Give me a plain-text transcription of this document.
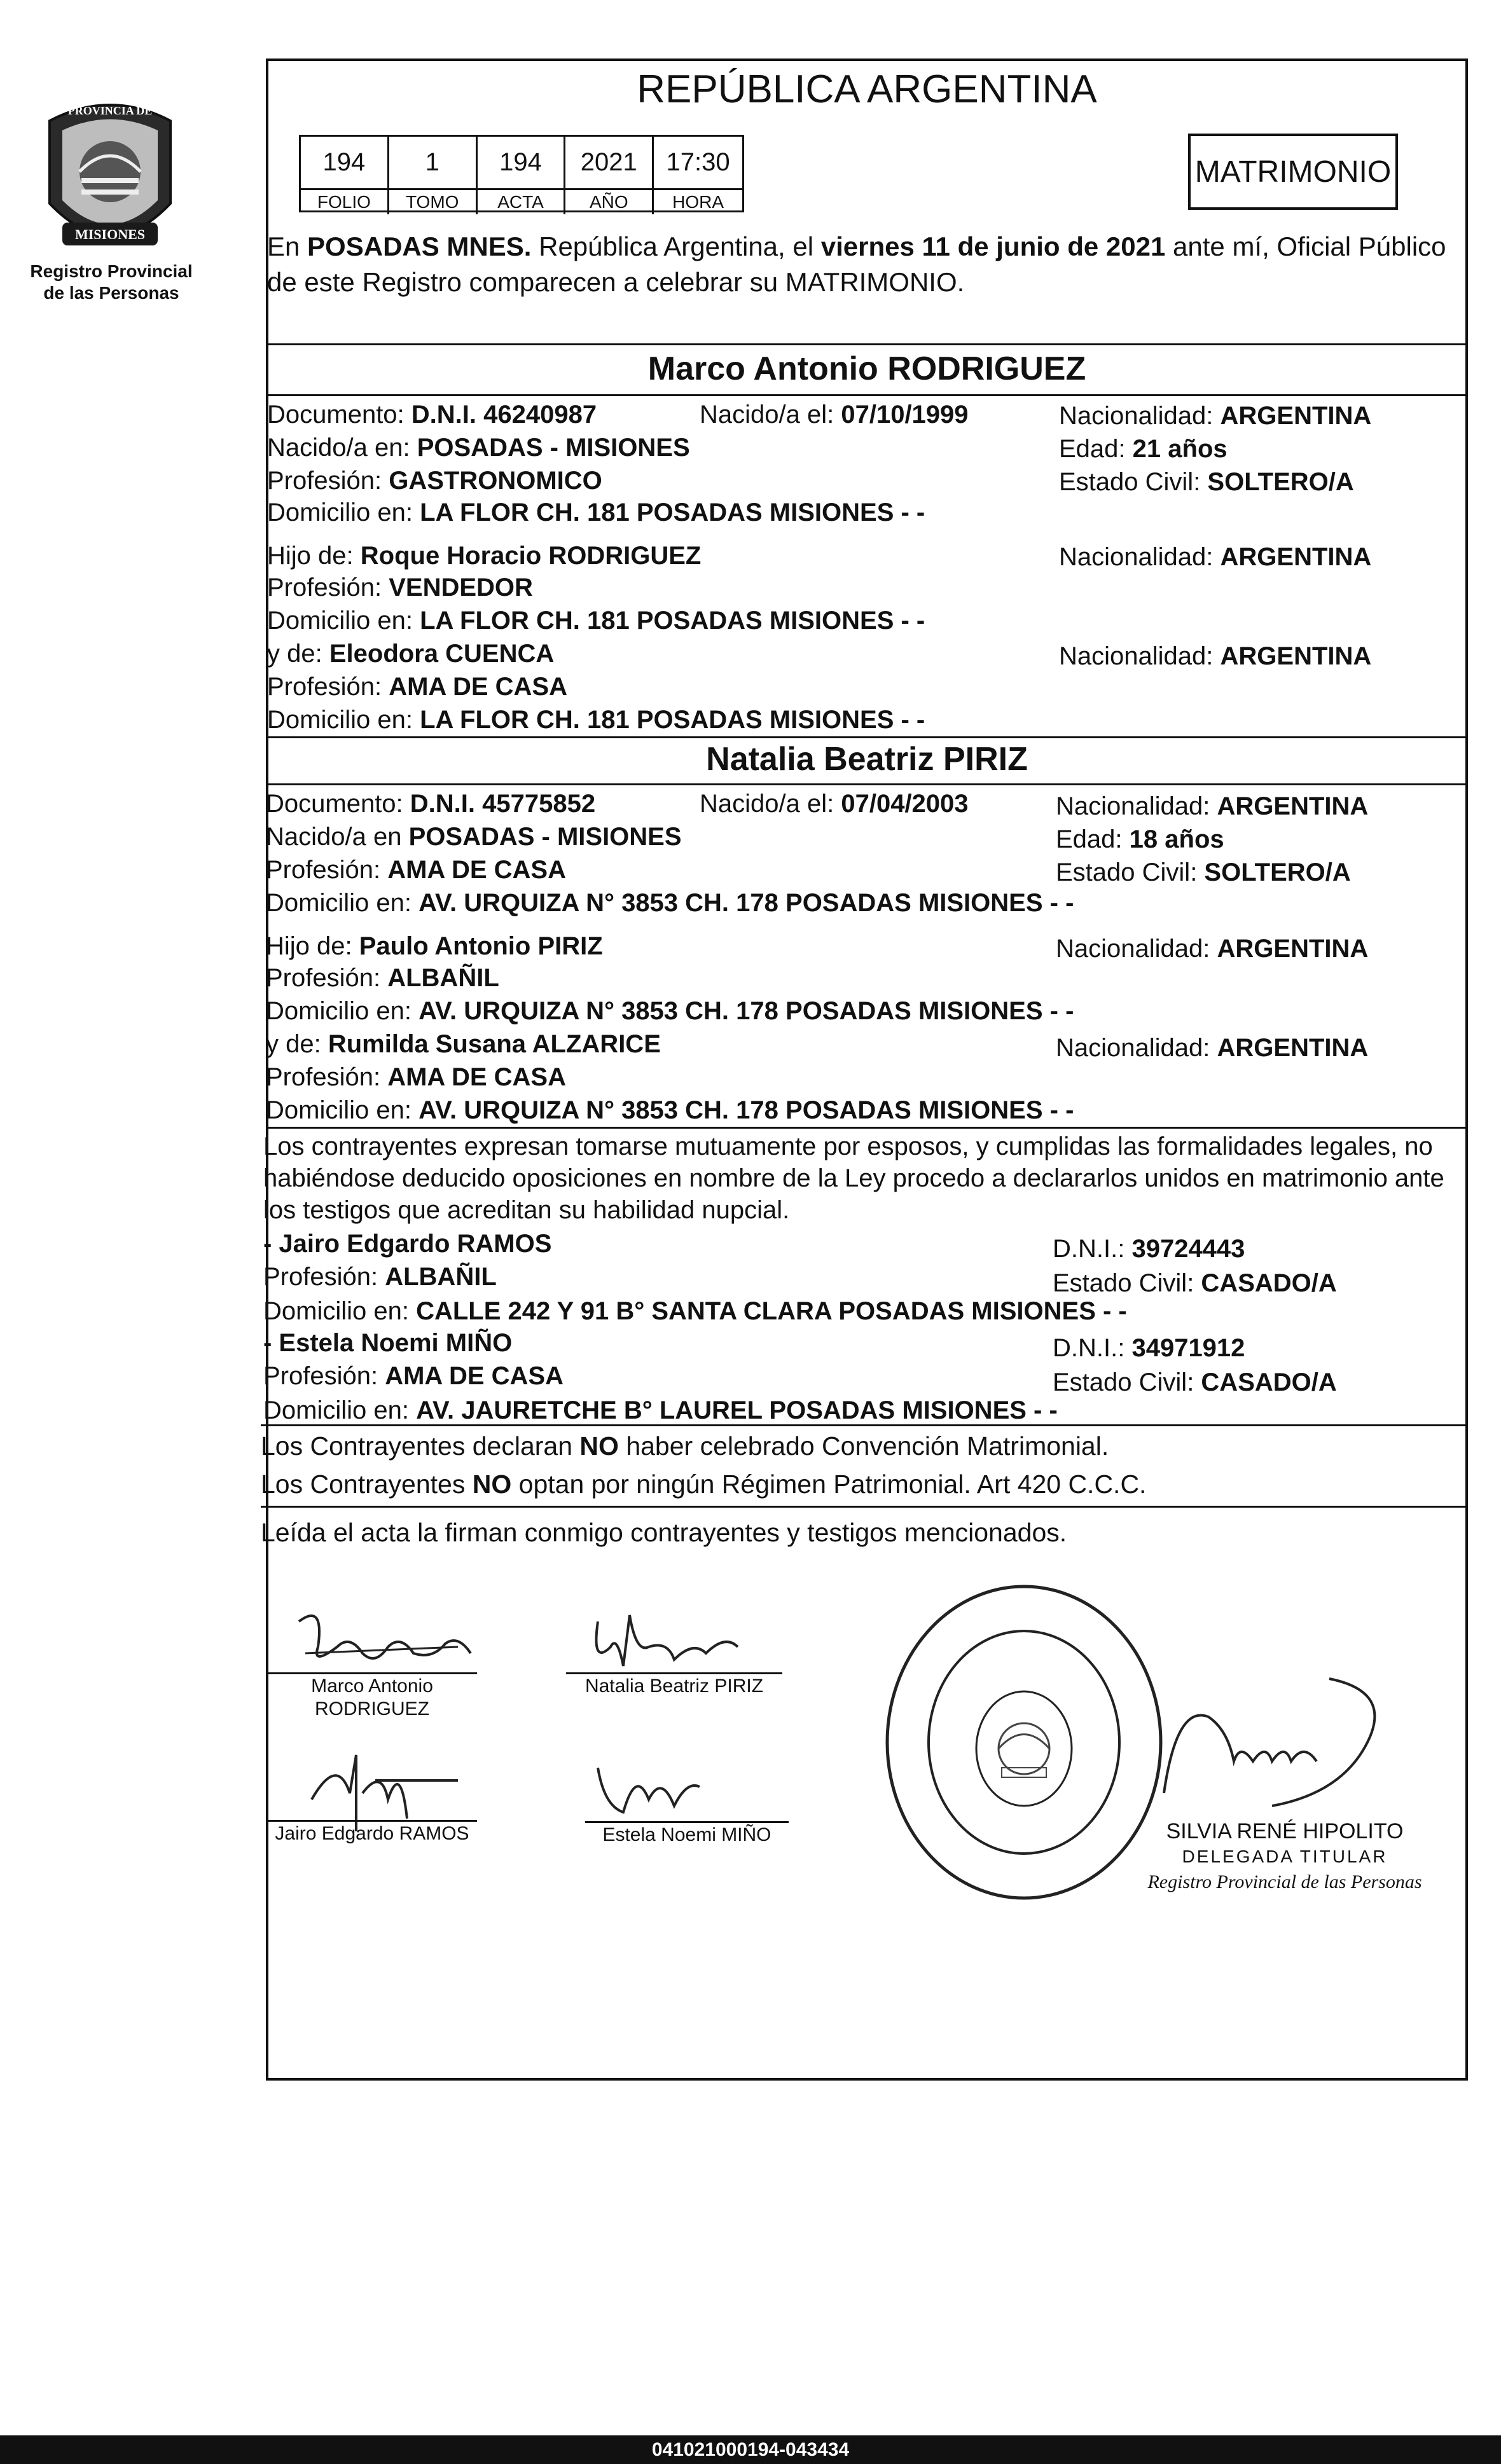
MISIONES
PROVINCIA DE
Registro Provincial
de las Personas
REPÚBLICA ARGENTINA
194	1	194	2021	17:30
FOLIO	TOMO	ACTA	AÑO	HORA
MATRIMONIO
En POSADAS MNES. República Argentina, el viernes 11 de junio de 2021 ante mí, Oficial Público de este Registro comparecen a celebrar su MATRIMONIO.
Marco Antonio RODRIGUEZ
Documento: D.N.I. 46240987	Nacido/a el: 07/10/1999	Nacionalidad: ARGENTINA
Nacido/a en: POSADAS - MISIONES	Edad: 21 años
Profesión: GASTRONOMICO	Estado Civil: SOLTERO/A
Domicilio en: LA FLOR CH. 181 POSADAS MISIONES - -
Hijo de: Roque Horacio RODRIGUEZ	Nacionalidad: ARGENTINA
Profesión: VENDEDOR
Domicilio en: LA FLOR CH. 181 POSADAS MISIONES - -
y de: Eleodora CUENCA	Nacionalidad: ARGENTINA
Profesión: AMA DE CASA
Domicilio en: LA FLOR CH. 181 POSADAS MISIONES - -
Natalia Beatriz PIRIZ
Documento: D.N.I. 45775852	Nacido/a el: 07/04/2003	Nacionalidad: ARGENTINA
Nacido/a en POSADAS - MISIONES	Edad: 18 años
Profesión: AMA DE CASA	Estado Civil: SOLTERO/A
Domicilio en: AV. URQUIZA N° 3853 CH. 178 POSADAS MISIONES - -
Hijo de: Paulo Antonio PIRIZ	Nacionalidad: ARGENTINA
Profesión: ALBAÑIL
Domicilio en: AV. URQUIZA N° 3853 CH. 178 POSADAS MISIONES - -
y de: Rumilda Susana ALZARICE	Nacionalidad: ARGENTINA
Profesión: AMA DE CASA
Domicilio en: AV. URQUIZA N° 3853 CH. 178 POSADAS MISIONES - -
Los contrayentes expresan tomarse mutuamente por esposos, y cumplidas las formalidades legales, no habiéndose deducido oposiciones en nombre de la Ley procedo a declararlos unidos en matrimonio ante los testigos que acreditan su habilidad nupcial.
- Jairo Edgardo RAMOS	D.N.I.: 39724443
Profesión: ALBAÑIL	Estado Civil: CASADO/A
Domicilio en: CALLE 242 Y 91 B° SANTA CLARA POSADAS MISIONES - -
- Estela Noemi MIÑO	D.N.I.: 34971912
Profesión: AMA DE CASA	Estado Civil: CASADO/A
Domicilio en: AV. JAURETCHE B° LAUREL POSADAS MISIONES - -
Los Contrayentes declaran NO haber celebrado Convención Matrimonial.
Los Contrayentes NO optan por ningún Régimen Patrimonial. Art 420 C.C.C.
Leída el acta la firman conmigo contrayentes y testigos mencionados.
Marco Antonio
RODRIGUEZ
Natalia Beatriz PIRIZ
Jairo Edgardo RAMOS	Estela Noemi MIÑO	SILVIA RENÉ HIPOLITO
DELEGADA TITULAR
Registro Provincial de las Personas
041021000194-043434
